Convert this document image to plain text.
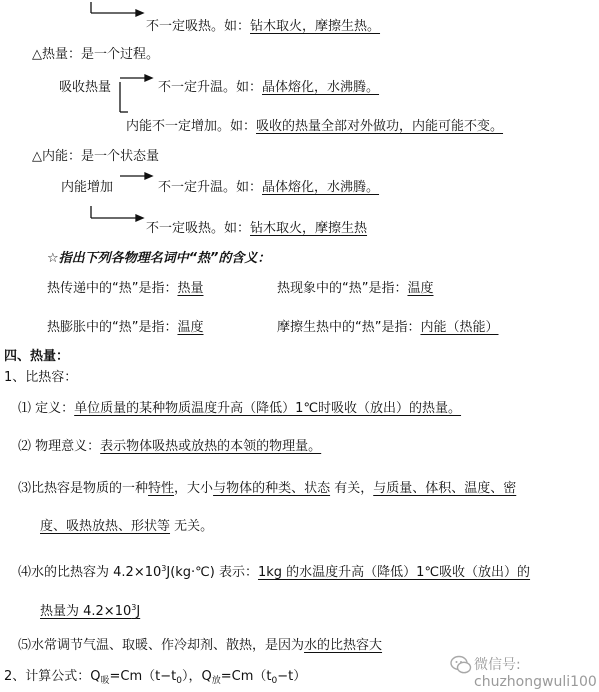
不一定吸热。如：钻木取火，摩擦生热。
△热量：是一个过程。
吸收热量	不一定升温。如：晶体熔化，水沸腾。
内能不一定增加。如：吸收的热量全部对外做功，内能可能不变。
△内能：是一个状态量
内能增加	不一定升温。如：晶体熔化，水沸腾。
不一定吸热。如：钻木取火，摩擦生热
☆指出下列各物理名词中“热”的含义：
热传递中的“热”是指：热量	热现象中的“热”是指：温度
热膨胀中的“热”是指：温度	摩擦生热中的“热”是指：内能（热能）
四、热量：
1、比热容：
⑴ 定义：单位质量的某种物质温度升高（降低）1℃时吸收（放出）的热量。
⑵ 物理意义：表示物体吸热或放热的本领的物理量。
⑶比热容是物质的一种特性，大小与物体的种类、状态 有关，与质量、体积、温度、密
度、吸热放热、形状等 无关。
⑷水的比热容为 $4.2\times 10^3J(kg\cdot℃)$ 表示：1kg 的水温度升高（降低）1℃吸收（放出）的
热量为 $4.2\times 10^3J$
⑸水常调节气温、取暖、作冷却剂、散热，是因为水的比热容大
2、计算公式：$Q_吸=Cm(t-t_0)$，$Q_放=Cm(t_0-t)$
微信号: chuzhongwuli100
